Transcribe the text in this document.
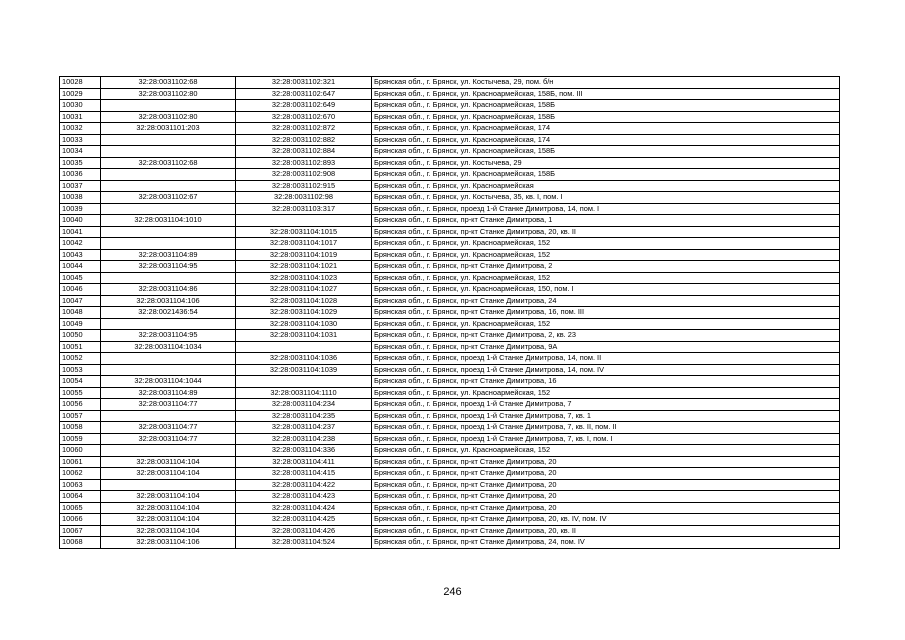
10028	32:28:0031102:68	32:28:0031102:321	Брянская обл., г. Брянск, ул. Костычева, 29, пом. б/н
10029	32:28:0031102:80	32:28:0031102:647	Брянская обл., г. Брянск, ул. Красноармейская, 158Б, пом. III
10030		32:28:0031102:649	Брянская обл., г. Брянск, ул. Красноармейская, 158Б
10031	32:28:0031102:80	32:28:0031102:670	Брянская обл., г. Брянск, ул. Красноармейская, 158Б
10032	32:28:0031101:203	32:28:0031102:872	Брянская обл., г. Брянск, ул. Красноармейская, 174
10033		32:28:0031102:882	Брянская обл., г. Брянск, ул. Красноармейская, 174
10034		32:28:0031102:884	Брянская обл., г. Брянск, ул. Красноармейская, 158Б
10035	32:28:0031102:68	32:28:0031102:893	Брянская обл., г. Брянск, ул. Костычева, 29
10036		32:28:0031102:908	Брянская обл., г. Брянск, ул. Красноармейская, 158Б
10037		32:28:0031102:915	Брянская обл., г. Брянск, ул. Красноармейская
10038	32:28:0031102:67	32:28:0031102:98	Брянская обл., г. Брянск, ул. Костычева, 35, кв. I, пом. I
10039		32:28:0031103:317	Брянская обл., г. Брянск, проезд 1-й Станке Димитрова, 14, пом. I
10040	32:28:0031104:1010		Брянская обл., г. Брянск, пр-кт Станке Димитрова, 1
10041		32:28:0031104:1015	Брянская обл., г. Брянск, пр-кт Станке Димитрова, 20, кв. II
10042		32:28:0031104:1017	Брянская обл., г. Брянск, ул. Красноармейская, 152
10043	32:28:0031104:89	32:28:0031104:1019	Брянская обл., г. Брянск, ул. Красноармейская, 152
10044	32:28:0031104:95	32:28:0031104:1021	Брянская обл., г. Брянск, пр-кт Станке Димитрова, 2
10045		32:28:0031104:1023	Брянская обл., г. Брянск, ул. Красноармейская, 152
10046	32:28:0031104:86	32:28:0031104:1027	Брянская обл., г. Брянск, ул. Красноармейская, 150, пом. I
10047	32:28:0031104:106	32:28:0031104:1028	Брянская обл., г. Брянск, пр-кт Станке Димитрова, 24
10048	32:28:0021436:54	32:28:0031104:1029	Брянская обл., г. Брянск, пр-кт Станке Димитрова, 16, пом. III
10049		32:28:0031104:1030	Брянская обл., г. Брянск, ул. Красноармейская, 152
10050	32:28:0031104:95	32:28:0031104:1031	Брянская обл., г. Брянск, пр-кт Станке Димитрова, 2, кв. 23
10051	32:28:0031104:1034		Брянская обл., г. Брянск, пр-кт Станке Димитрова, 9А
10052		32:28:0031104:1036	Брянская обл., г. Брянск, проезд 1-й Станке Димитрова, 14, пом. II
10053		32:28:0031104:1039	Брянская обл., г. Брянск, проезд 1-й Станке Димитрова, 14, пом. IV
10054	32:28:0031104:1044		Брянская обл., г. Брянск, пр-кт Станке Димитрова, 16
10055	32:28:0031104:89	32:28:0031104:1110	Брянская обл., г. Брянск, ул. Красноармейская, 152
10056	32:28:0031104:77	32:28:0031104:234	Брянская обл., г. Брянск, проезд 1-й Станке Димитрова, 7
10057		32:28:0031104:235	Брянская обл., г. Брянск, проезд 1-й Станке Димитрова, 7, кв. 1
10058	32:28:0031104:77	32:28:0031104:237	Брянская обл., г. Брянск, проезд 1-й Станке Димитрова, 7, кв. II, пом. II
10059	32:28:0031104:77	32:28:0031104:238	Брянская обл., г. Брянск, проезд 1-й Станке Димитрова, 7, кв. I, пом. I
10060		32:28:0031104:336	Брянская обл., г. Брянск, ул. Красноармейская, 152
10061	32:28:0031104:104	32:28:0031104:411	Брянская обл., г. Брянск, пр-кт Станке Димитрова, 20
10062	32:28:0031104:104	32:28:0031104:415	Брянская обл., г. Брянск, пр-кт Станке Димитрова, 20
10063		32:28:0031104:422	Брянская обл., г. Брянск, пр-кт Станке Димитрова, 20
10064	32:28:0031104:104	32:28:0031104:423	Брянская обл., г. Брянск, пр-кт Станке Димитрова, 20
10065	32:28:0031104:104	32:28:0031104:424	Брянская обл., г. Брянск, пр-кт Станке Димитрова, 20
10066	32:28:0031104:104	32:28:0031104:425	Брянская обл., г. Брянск, пр-кт Станке Димитрова, 20, кв. IV, пом. IV
10067	32:28:0031104:104	32:28:0031104:426	Брянская обл., г. Брянск, пр-кт Станке Димитрова, 20, кв. II
10068	32:28:0031104:106	32:28:0031104:524	Брянская обл., г. Брянск, пр-кт Станке Димитрова, 24, пом. IV
246
